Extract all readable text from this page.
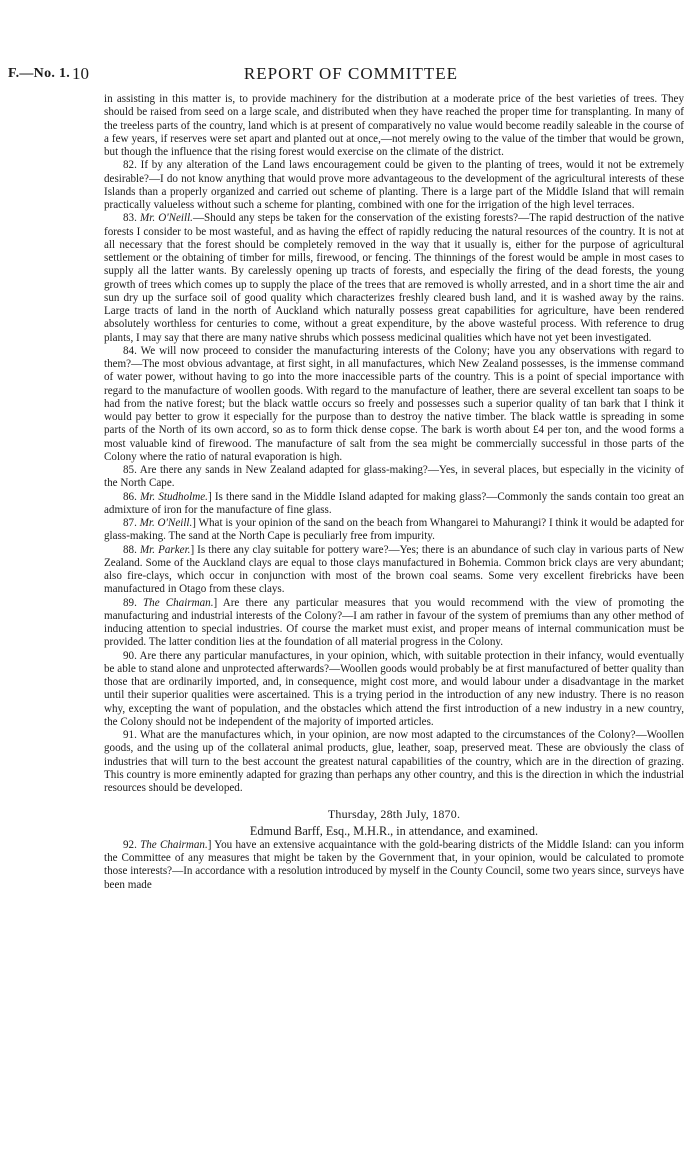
F.—No. 1. 10	REPORT OF COMMITTEE

in assisting in this matter is, to provide machinery for the distribution at a moderate price of the best varieties of trees. They should be raised from seed on a large scale, and distributed when they have reached the proper time for transplanting. In many of the treeless parts of the country, land which is at present of comparatively no value would become readily saleable in the course of a few years, if reserves were set apart and planted out at once,—not merely owing to the value of the timber that would be grown, but though the influence that the rising forest would exercise on the climate of the district.

82. If by any alteration of the Land laws encouragement could be given to the planting of trees, would it not be extremely desirable?—I do not know anything that would prove more advantageous to the development of the agricultural interests of these Islands than a properly organized and carried out scheme of planting. There is a large part of the Middle Island that will remain practically valueless without such a scheme for planting, combined with one for the irrigation of the high level terraces.

83. Mr. O'Neill.—Should any steps be taken for the conservation of the existing forests?—The rapid destruction of the native forests I consider to be most wasteful, and as having the effect of rapidly reducing the natural resources of the country. It is not at all necessary that the forest should be completely removed in the way that it usually is, either for the purpose of agricultural settlement or the obtaining of timber for mills, firewood, or fencing. The thinnings of the forest would be ample in most cases to supply all the latter wants. By carelessly opening up tracts of forests, and especially the firing of the dead forests, the young growth of trees which comes up to supply the place of the trees that are removed is wholly arrested, and in a short time the air and sun dry up the surface soil of good quality which characterizes freshly cleared bush land, and it is washed away by the rains. Large tracts of land in the north of Auckland which naturally possess great capabilities for agriculture, have been rendered absolutely worthless for centuries to come, without a great expenditure, by the above wasteful process. With reference to drug plants, I may say that there are many native shrubs which possess medicinal qualities which have not yet been investigated.

84. We will now proceed to consider the manufacturing interests of the Colony; have you any observations with regard to them?—The most obvious advantage, at first sight, in all manufactures, which New Zealand possesses, is the immense command of water power, without having to go into the more inaccessible parts of the country. This is a point of special importance with regard to the manufacture of woollen goods. With regard to the manufacture of leather, there are several excellent tan soaps to be had from the native forest; but the black wattle occurs so freely and possesses such a superior quality of tan bark that I think it would pay better to grow it especially for the purpose than to destroy the native timber. The black wattle is spreading in some parts of the North of its own accord, so as to form thick dense copse. The bark is worth about £4 per ton, and the wood forms a most valuable kind of firewood. The manufacture of salt from the sea might be commercially successful in those parts of the Colony where the ratio of natural evaporation is high.

85. Are there any sands in New Zealand adapted for glass-making?—Yes, in several places, but especially in the vicinity of the North Cape.

86. Mr. Studholme.] Is there sand in the Middle Island adapted for making glass?—Commonly the sands contain too great an admixture of iron for the manufacture of fine glass.

87. Mr. O'Neill.] What is your opinion of the sand on the beach from Whangarei to Mahurangi? I think it would be adapted for glass-making. The sand at the North Cape is peculiarly free from impurity.

88. Mr. Parker.] Is there any clay suitable for pottery ware?—Yes; there is an abundance of such clay in various parts of New Zealand. Some of the Auckland clays are equal to those clays manufactured in Bohemia. Common brick clays are very abundant; also fire-clays, which occur in conjunction with most of the brown coal seams. Some very excellent firebricks have been manufactured in Otago from these clays.

89. The Chairman.] Are there any particular measures that you would recommend with the view of promoting the manufacturing and industrial interests of the Colony?—I am rather in favour of the system of premiums than any other method of inducing attention to special industries. Of course the market must exist, and proper means of internal communication must be provided. The latter condition lies at the foundation of all material progress in the Colony.

90. Are there any particular manufactures, in your opinion, which, with suitable protection in their infancy, would eventually be able to stand alone and unprotected afterwards?—Woollen goods would probably be at first manufactured of better quality than those that are ordinarily imported, and, in consequence, might cost more, and would labour under a disadvantage in the market until their superior qualities were ascertained. This is a trying period in the introduction of any new industry. There is no reason why, excepting the want of population, and the obstacles which attend the first introduction of a new industry in a new country, the Colony should not be independent of the majority of imported articles.

91. What are the manufactures which, in your opinion, are now most adapted to the circumstances of the Colony?—Woollen goods, and the using up of the collateral animal products, glue, leather, soap, preserved meat. These are obviously the class of industries that will turn to the best account the greatest natural capabilities of the country, which are in the direction of grazing. This country is more eminently adapted for grazing than perhaps any other country, and this is the direction in which the industrial resources should be developed.

Thursday, 28th July, 1870.
Edmund Barff, Esq., M.H.R., in attendance, and examined.

92. The Chairman.] You have an extensive acquaintance with the gold-bearing districts of the Middle Island: can you inform the Committee of any measures that might be taken by the Government that, in your opinion, would be calculated to promote those interests?—In accordance with a resolution introduced by myself in the County Council, some two years since, surveys have been made
